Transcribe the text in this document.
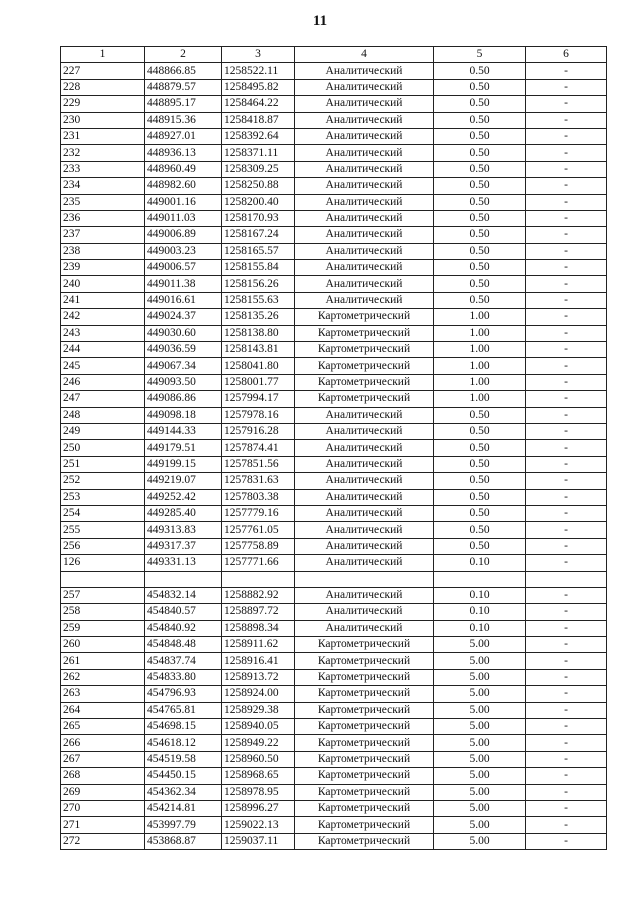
11
1	2	3	4	5	6
227	448866.85	1258522.11	Аналитический	0.50	-
228	448879.57	1258495.82	Аналитический	0.50	-
229	448895.17	1258464.22	Аналитический	0.50	-
230	448915.36	1258418.87	Аналитический	0.50	-
231	448927.01	1258392.64	Аналитический	0.50	-
232	448936.13	1258371.11	Аналитический	0.50	-
233	448960.49	1258309.25	Аналитический	0.50	-
234	448982.60	1258250.88	Аналитический	0.50	-
235	449001.16	1258200.40	Аналитический	0.50	-
236	449011.03	1258170.93	Аналитический	0.50	-
237	449006.89	1258167.24	Аналитический	0.50	-
238	449003.23	1258165.57	Аналитический	0.50	-
239	449006.57	1258155.84	Аналитический	0.50	-
240	449011.38	1258156.26	Аналитический	0.50	-
241	449016.61	1258155.63	Аналитический	0.50	-
242	449024.37	1258135.26	Картометрический	1.00	-
243	449030.60	1258138.80	Картометрический	1.00	-
244	449036.59	1258143.81	Картометрический	1.00	-
245	449067.34	1258041.80	Картометрический	1.00	-
246	449093.50	1258001.77	Картометрический	1.00	-
247	449086.86	1257994.17	Картометрический	1.00	-
248	449098.18	1257978.16	Аналитический	0.50	-
249	449144.33	1257916.28	Аналитический	0.50	-
250	449179.51	1257874.41	Аналитический	0.50	-
251	449199.15	1257851.56	Аналитический	0.50	-
252	449219.07	1257831.63	Аналитический	0.50	-
253	449252.42	1257803.38	Аналитический	0.50	-
254	449285.40	1257779.16	Аналитический	0.50	-
255	449313.83	1257761.05	Аналитический	0.50	-
256	449317.37	1257758.89	Аналитический	0.50	-
126	449331.13	1257771.66	Аналитический	0.10	-

257	454832.14	1258882.92	Аналитический	0.10	-
258	454840.57	1258897.72	Аналитический	0.10	-
259	454840.92	1258898.34	Аналитический	0.10	-
260	454848.48	1258911.62	Картометрический	5.00	-
261	454837.74	1258916.41	Картометрический	5.00	-
262	454833.80	1258913.72	Картометрический	5.00	-
263	454796.93	1258924.00	Картометрический	5.00	-
264	454765.81	1258929.38	Картометрический	5.00	-
265	454698.15	1258940.05	Картометрический	5.00	-
266	454618.12	1258949.22	Картометрический	5.00	-
267	454519.58	1258960.50	Картометрический	5.00	-
268	454450.15	1258968.65	Картометрический	5.00	-
269	454362.34	1258978.95	Картометрический	5.00	-
270	454214.81	1258996.27	Картометрический	5.00	-
271	453997.79	1259022.13	Картометрический	5.00	-
272	453868.87	1259037.11	Картометрический	5.00	-
